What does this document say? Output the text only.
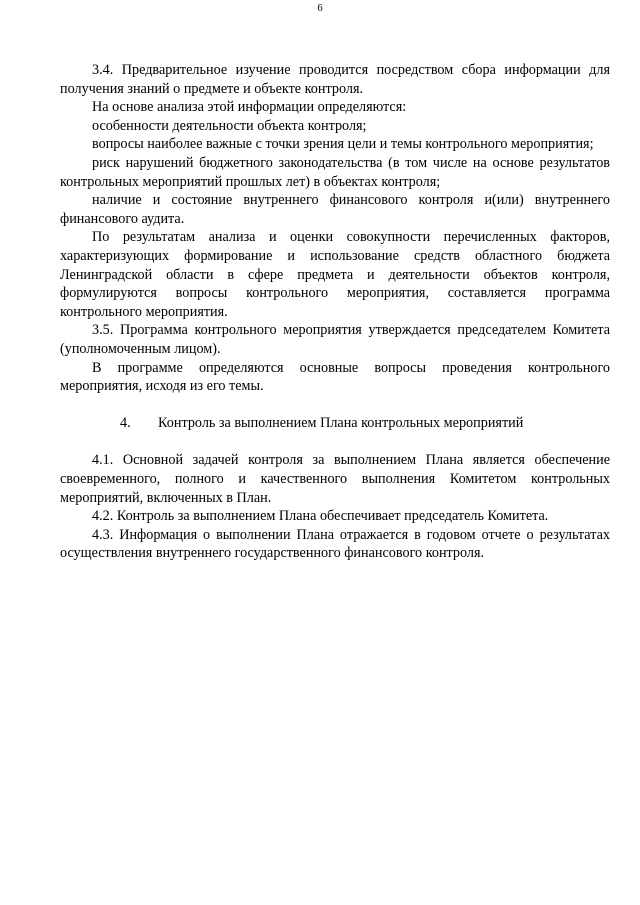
6

3.4. Предварительное изучение проводится посредством сбора информации для получения знаний о предмете и объекте контроля.

На основе анализа этой информации определяются:

особенности деятельности объекта контроля;

вопросы наиболее важные с точки зрения цели и темы контрольного мероприятия;

риск нарушений бюджетного законодательства (в том числе на основе результатов контрольных мероприятий прошлых лет) в объектах контроля;

наличие и состояние внутреннего финансового контроля и(или) внутреннего финансового аудита.

По результатам анализа и оценки совокупности перечисленных факторов, характеризующих формирование и использование средств областного бюджета Ленинградской области в сфере предмета и деятельности объектов контроля, формулируются вопросы контрольного мероприятия, составляется программа контрольного мероприятия.

3.5. Программа контрольного мероприятия утверждается председателем Комитета (уполномоченным лицом).

В программе определяются основные вопросы проведения контрольного мероприятия, исходя из его темы.

4. Контроль за выполнением Плана контрольных мероприятий

4.1. Основной задачей контроля за выполнением Плана является обеспечение своевременного, полного и качественного выполнения Комитетом контрольных мероприятий, включенных в План.

4.2. Контроль за выполнением Плана обеспечивает председатель Комитета.

4.3. Информация о выполнении Плана отражается в годовом отчете о результатах осуществления внутреннего государственного финансового контроля.
